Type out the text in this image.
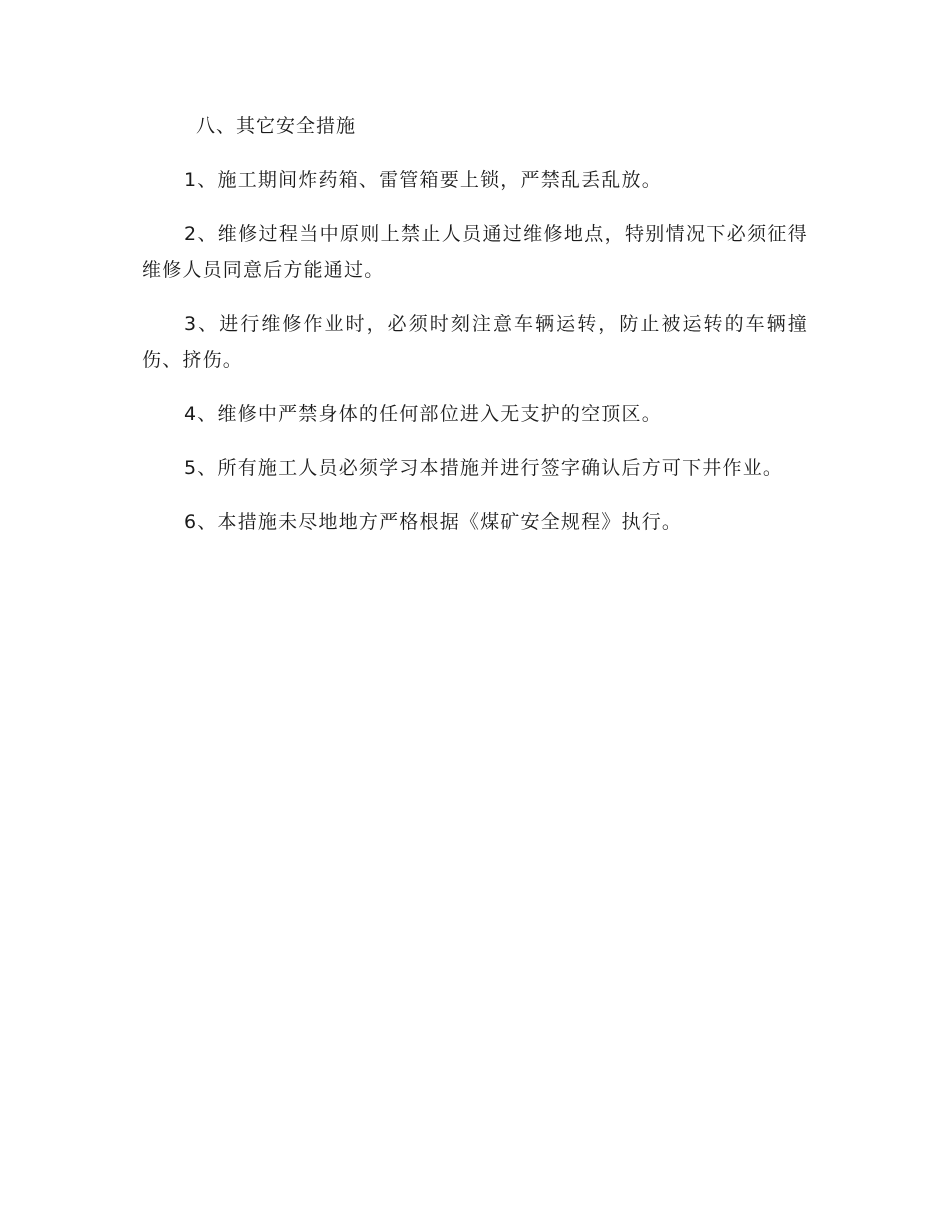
八、其它安全措施

1、施工期间炸药箱、雷管箱要上锁，严禁乱丢乱放。

2、维修过程当中原则上禁止人员通过维修地点，特别情况下必须征得维修人员同意后方能通过。

3、进行维修作业时，必须时刻注意车辆运转，防止被运转的车辆撞伤、挤伤。

4、维修中严禁身体的任何部位进入无支护的空顶区。

5、所有施工人员必须学习本措施并进行签字确认后方可下井作业。

6、本措施未尽地地方严格根据《煤矿安全规程》执行。
